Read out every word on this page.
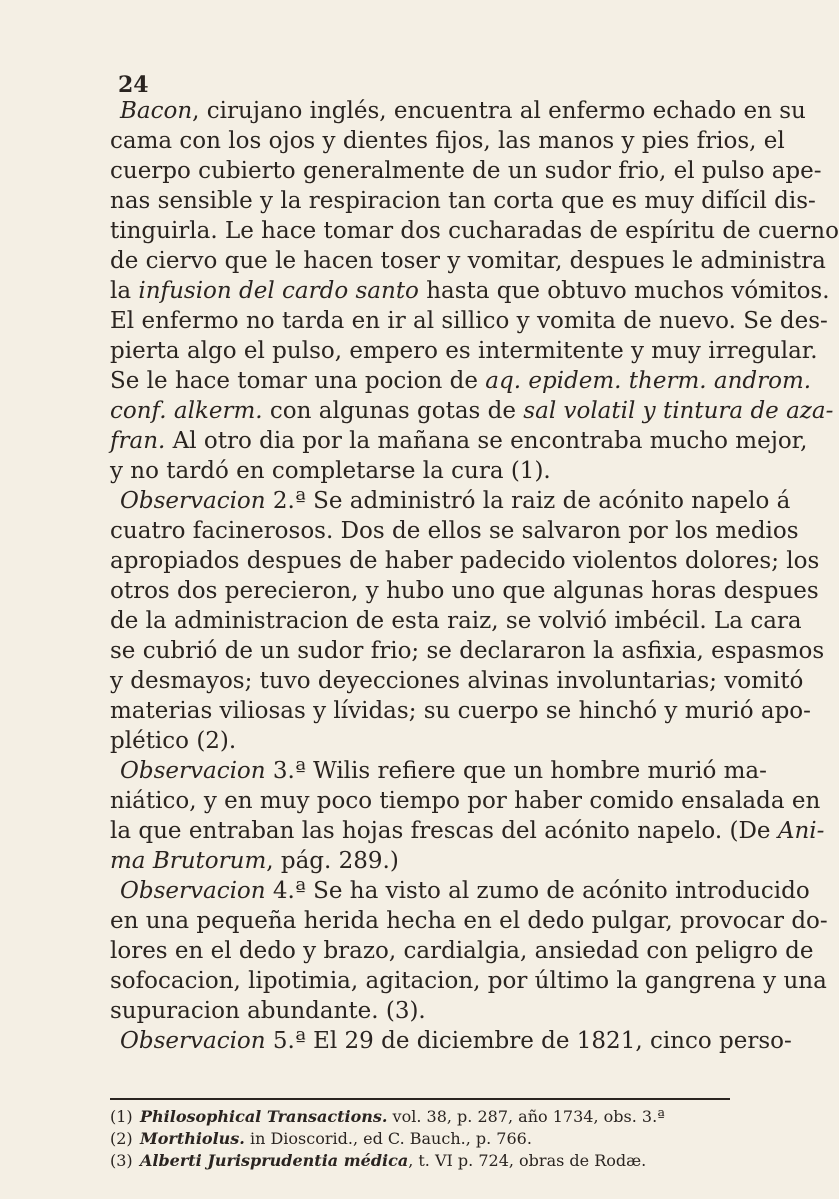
24
Bacon, cirujano inglés, encuentra al enfermo echado en su
cama con los ojos y dientes fijos, las manos y pies frios, el
cuerpo cubierto generalmente de un sudor frio, el pulso ape-
nas sensible y la respiracion tan corta que es muy difícil dis-
tinguirla. Le hace tomar dos cucharadas de espíritu de cuerno
de ciervo que le hacen toser y vomitar, despues le administra
la infusion del cardo santo hasta que obtuvo muchos vómitos.
El enfermo no tarda en ir al sillico y vomita de nuevo. Se des-
pierta algo el pulso, empero es intermitente y muy irregular.
Se le hace tomar una pocion de aq. epidem. therm. androm.
conf. alkerm. con algunas gotas de sal volatil y tintura de aza-
fran. Al otro dia por la mañana se encontraba mucho mejor,
y no tardó en completarse la cura (1).
Observacion 2.ª Se administró la raiz de acónito napelo á
cuatro facinerosos. Dos de ellos se salvaron por los medios
apropiados despues de haber padecido violentos dolores; los
otros dos perecieron, y hubo uno que algunas horas despues
de la administracion de esta raiz, se volvió imbécil. La cara
se cubrió de un sudor frio; se declararon la asfixia, espasmos
y desmayos; tuvo deyecciones alvinas involuntarias; vomitó
materias viliosas y lívidas; su cuerpo se hinchó y murió apo-
plético (2).
Observacion 3.ª Wilis refiere que un hombre murió ma-
niático, y en muy poco tiempo por haber comido ensalada en
la que entraban las hojas frescas del acónito napelo. (De Ani-
ma Brutorum, pág. 289.)
Observacion 4.ª Se ha visto al zumo de acónito introducido
en una pequeña herida hecha en el dedo pulgar, provocar do-
lores en el dedo y brazo, cardialgia, ansiedad con peligro de
sofocacion, lipotimia, agitacion, por último la gangrena y una
supuracion abundante. (3).
Observacion 5.ª El 29 de diciembre de 1821, cinco perso-
(1) Philosophical Transactions. vol. 38, p. 287, año 1734, obs. 3.ª
(2) Morthiolus. in Dioscorid., ed C. Bauch., p. 766.
(3) Alberti Jurisprudentia médica, t. VI p. 724, obras de Rodæ.
